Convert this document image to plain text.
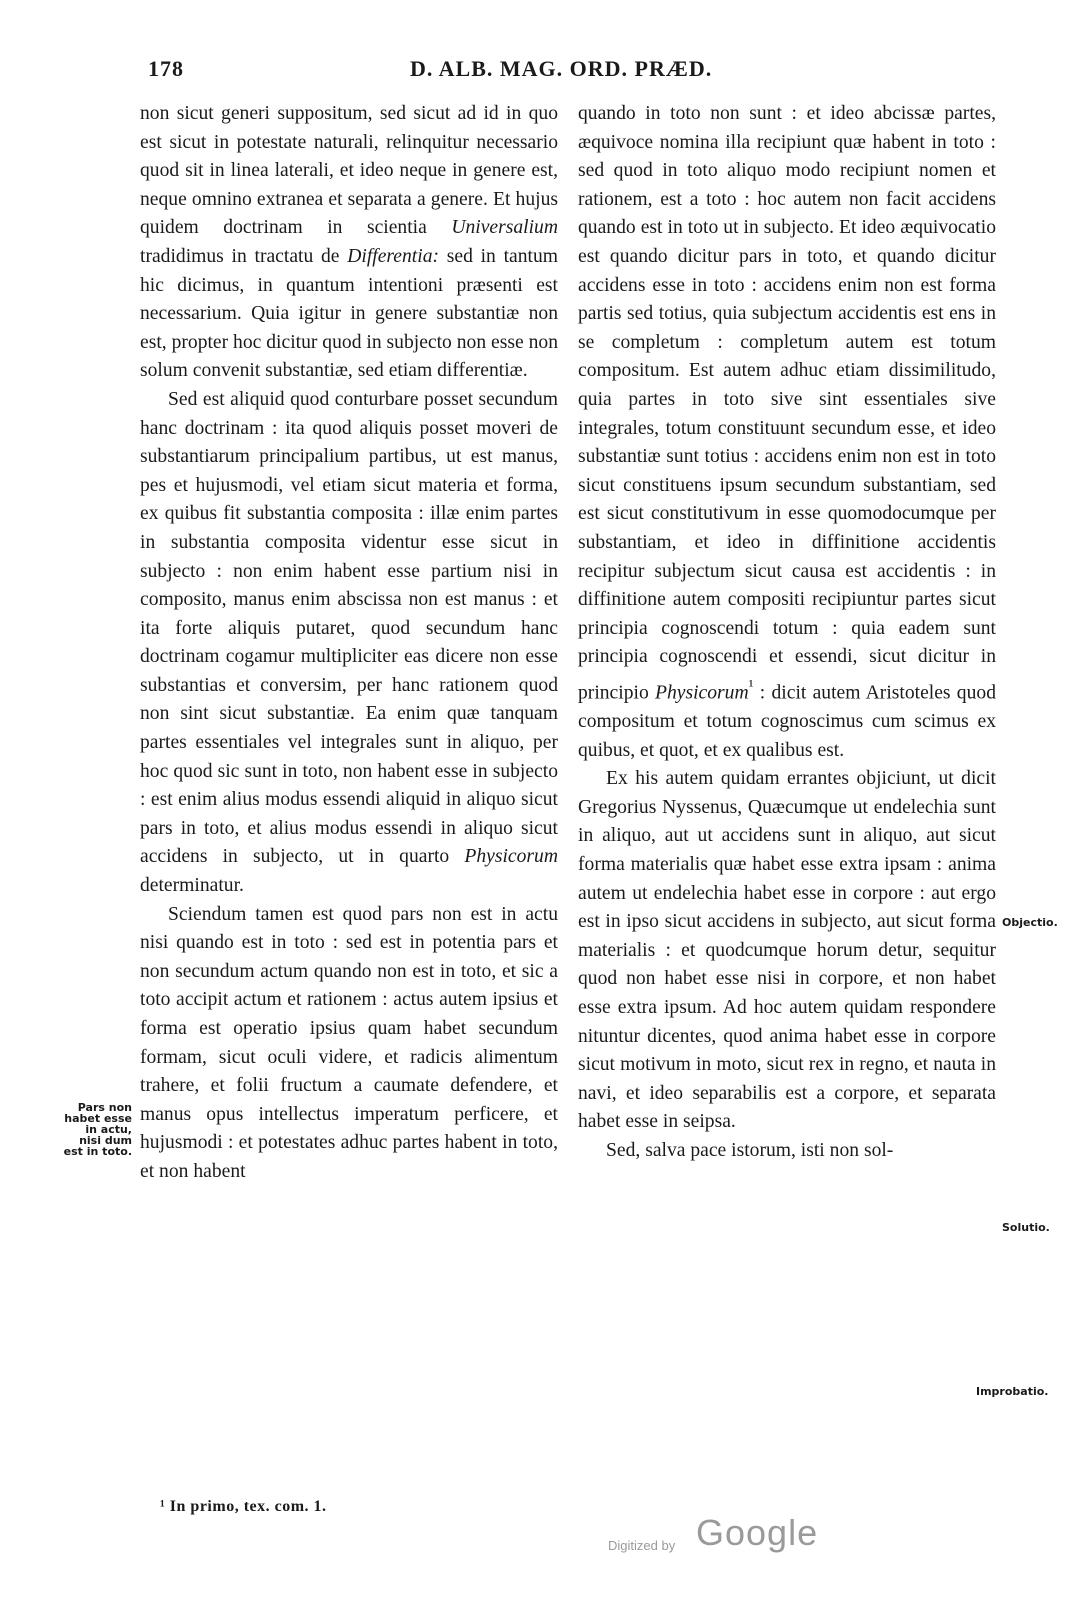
178	D. ALB. MAG. ORD. PRÆD.

non sicut generi suppositum, sed sicut ad id in quo est sicut in potestate naturali, relinquitur necessario quod sit in linea laterali, et ideo neque in genere est, neque omnino extranea et separata a genere. Et hujus quidem doctrinam in scientia Universalium tradidimus in tractatu de Differentia: sed in tantum hic dicimus, in quantum intentioni præsenti est necessarium. Quia igitur in genere substantiæ non est, propter hoc dicitur quod in subjecto non esse non solum convenit substantiæ, sed etiam differentiæ.

Sed est aliquid quod conturbare posset secundum hanc doctrinam : ita quod aliquis posset moveri de substantiarum principalium partibus, ut est manus, pes et hujusmodi, vel etiam sicut materia et forma, ex quibus fit substantia composita : illæ enim partes in substantia composita videntur esse sicut in subjecto : non enim habent esse partium nisi in composito, manus enim abscissa non est manus : et ita forte aliquis putaret, quod secundum hanc doctrinam cogamur multipliciter eas dicere non esse substantias et conversim, per hanc rationem quod non sint sicut substantiæ. Ea enim quæ tanquam partes essentiales vel integrales sunt in aliquo, per hoc quod sic sunt in toto, non habent esse in subjecto : est enim alius modus essendi aliquid in aliquo sicut pars in toto, et alius modus essendi in aliquo sicut accidens in subjecto, ut in quarto Physicorum determinatur.

Sciendum tamen est quod pars non est in actu nisi quando est in toto : sed est in potentia pars et non secundum actum quando non est in toto, et sic a toto accipit actum et rationem : actus autem ipsius et forma est operatio ipsius quam habet secundum formam, sicut oculi videre, et radicis alimentum trahere, et folii fructum a caumate defendere, et manus opus intellectus imperatum perficere, et hujusmodi : et potestates adhuc partes habent in toto, et non habent

quando in toto non sunt : et ideo abcissæ partes, æquivoce nomina illa recipiunt quæ habent in toto : sed quod in toto aliquo modo recipiunt nomen et rationem, est a toto : hoc autem non facit accidens quando est in toto ut in subjecto. Et ideo æquivocatio est quando dicitur pars in toto, et quando dicitur accidens esse in toto : accidens enim non est forma partis sed totius, quia subjectum accidentis est ens in se completum : completum autem est totum compositum. Est autem adhuc etiam dissimilitudo, quia partes in toto sive sint essentiales sive integrales, totum constituunt secundum esse, et ideo substantiæ sunt totius : accidens enim non est in toto sicut constituens ipsum secundum substantiam, sed est sicut constitutivum in esse quomodocumque per substantiam, et ideo in diffinitione accidentis recipitur subjectum sicut causa est accidentis : in diffinitione autem compositi recipiuntur partes sicut principia cognoscendi totum : quia eadem sunt principia cognoscendi et essendi, sicut dicitur in principio Physicorum$^{^1}$ : dicit autem Aristoteles quod compositum et totum cognoscimus cum scimus ex quibus, et quot, et ex qualibus est.

Ex his autem quidam errantes objiciunt, ut dicit Gregorius Nyssenus, Quæcumque ut endelechia sunt in aliquo, aut ut accidens sunt in aliquo, aut sicut forma materialis quæ habet esse extra ipsam : anima autem ut endelechia habet esse in corpore : aut ergo est in ipso sicut accidens in subjecto, aut sicut forma materialis : et quodcumque horum detur, sequitur quod non habet esse nisi in corpore, et non habet esse extra ipsum. Ad hoc autem quidam respondere nituntur dicentes, quod anima habet esse in corpore sicut motivum in moto, sicut rex in regno, et nauta in navi, et ideo separabilis est a corpore, et separata habet esse in seipsa.

Sed, salva pace istorum, isti non sol-

Pars non
habet esse
in actu,
nisi dum
est in toto.
Objectio.
Solutio.
Improbatio.
¹ In primo, tex. com. 1.
Digitized by Google
